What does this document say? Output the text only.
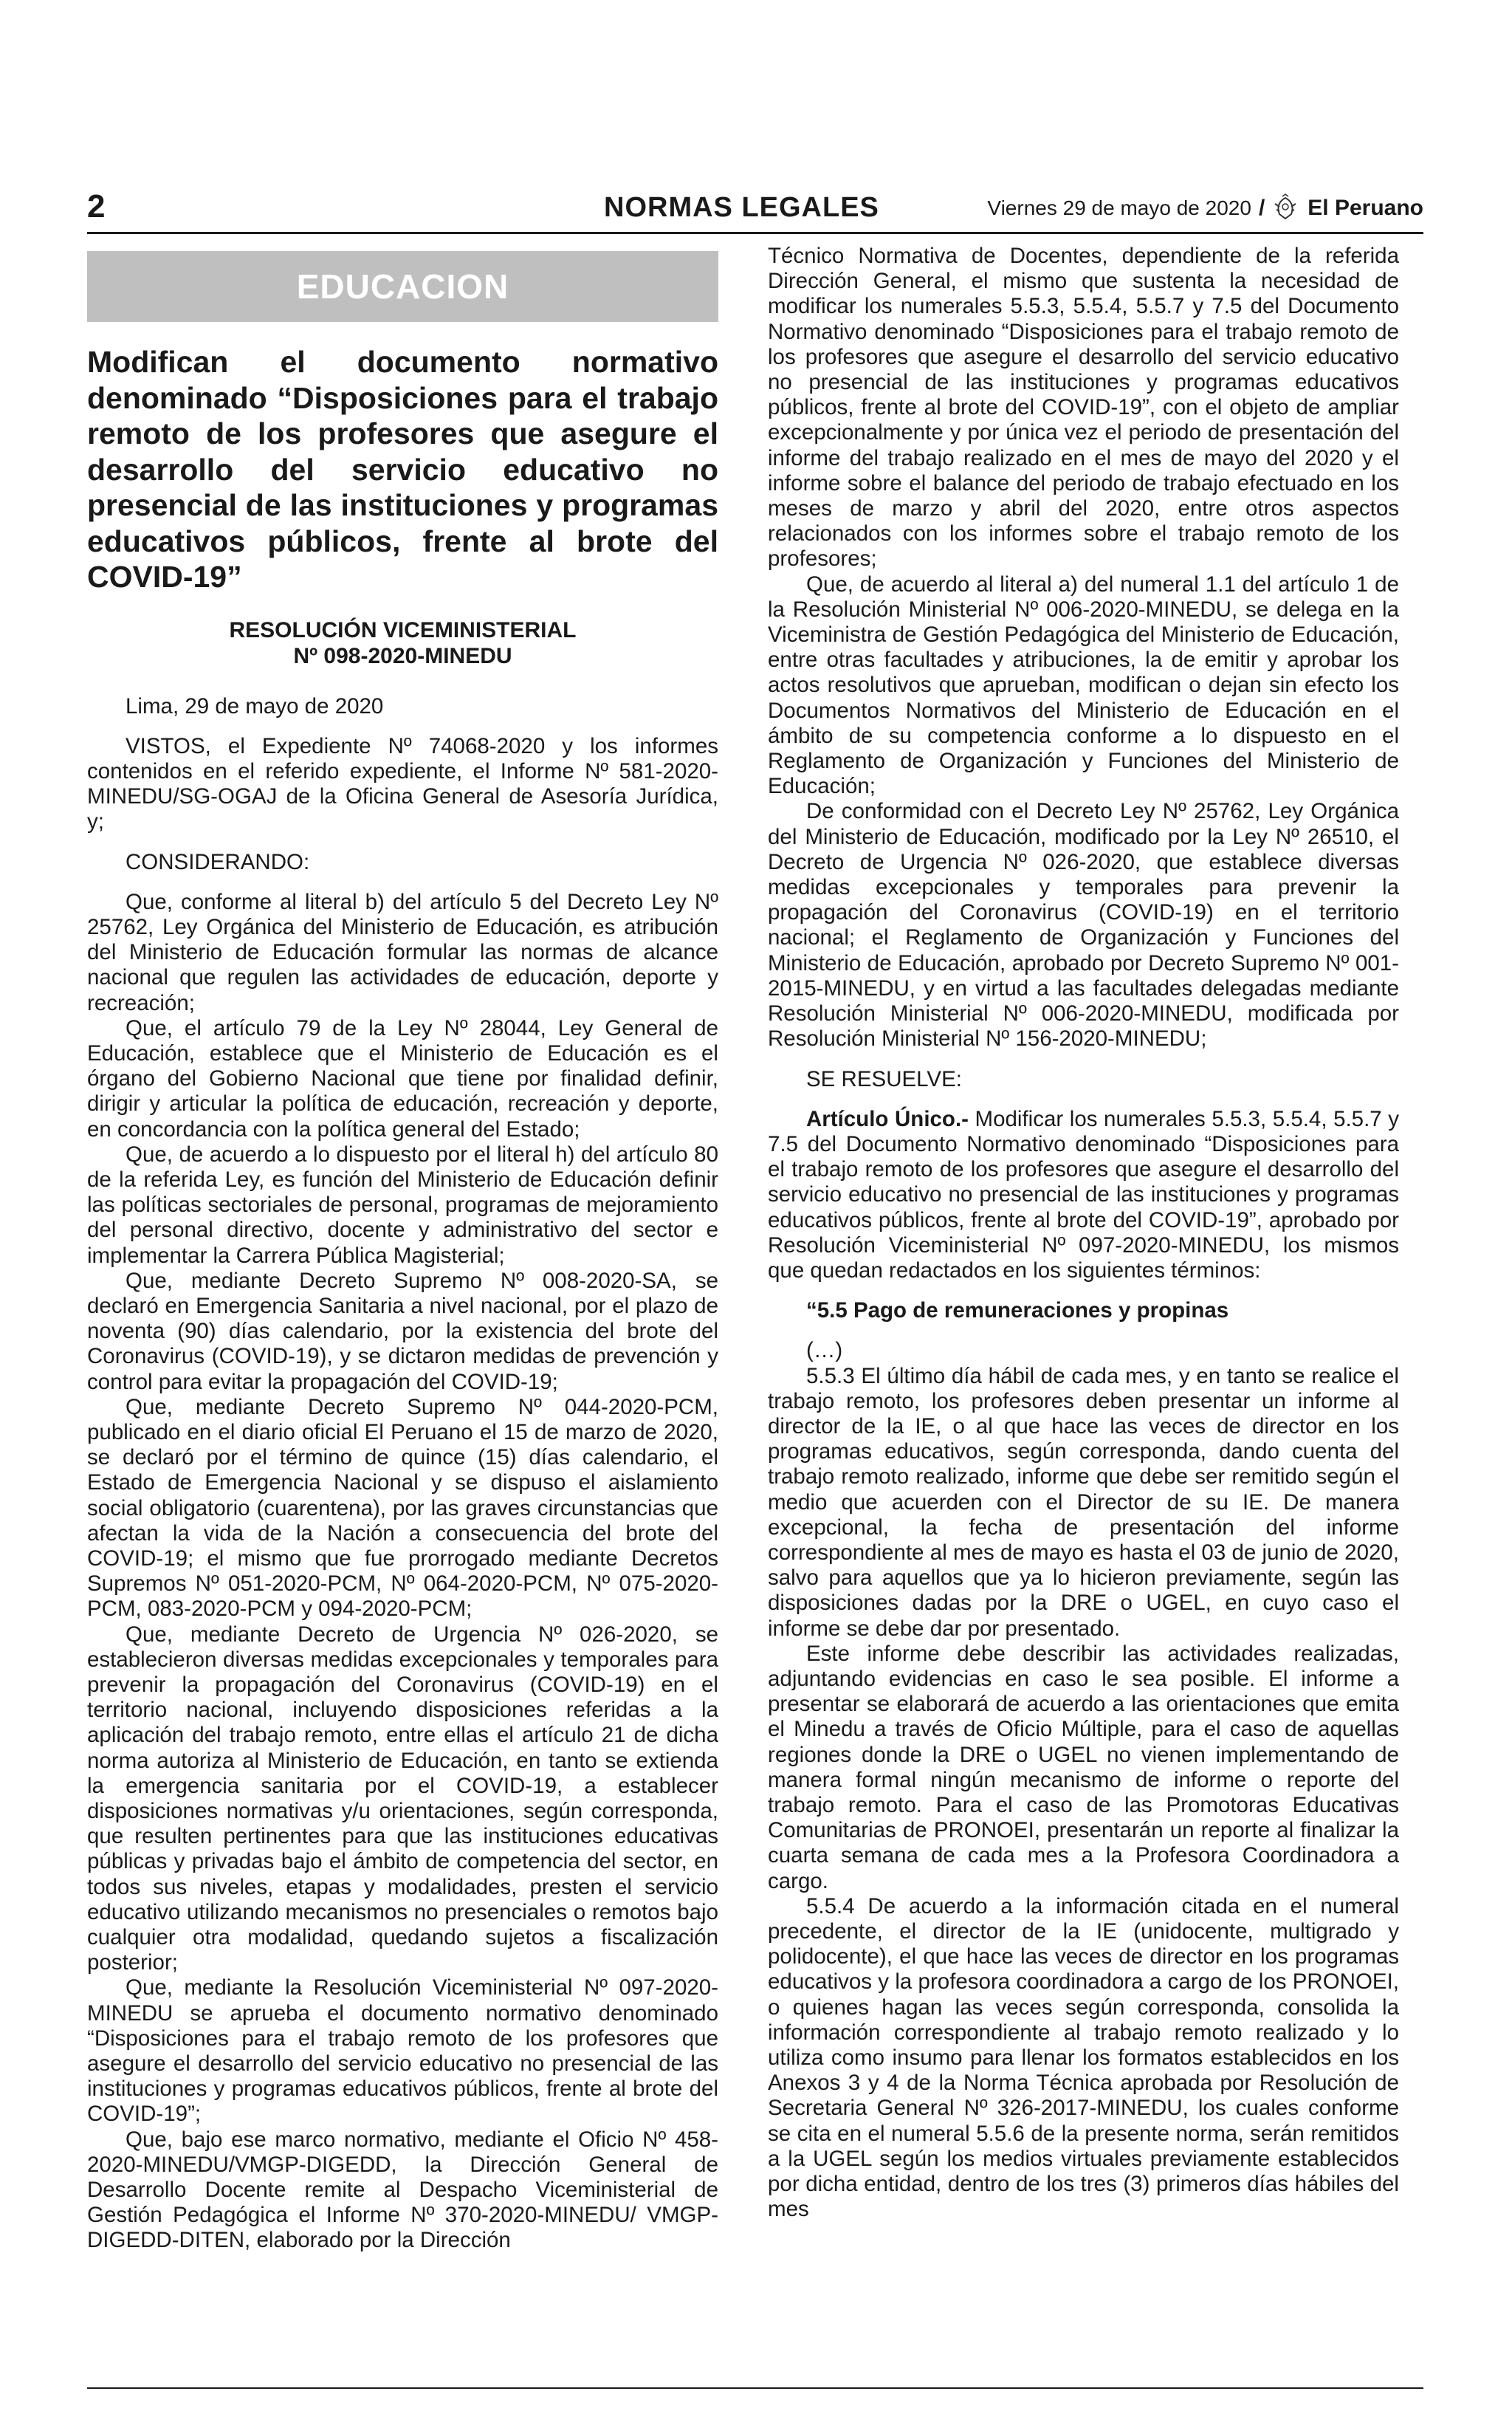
2	NORMAS LEGALES	Viernes 29 de mayo de 2020 / El Peruano
EDUCACION

Modifican el documento normativo denominado “Disposiciones para el trabajo remoto de los profesores que asegure el desarrollo del servicio educativo no presencial de las instituciones y programas educativos públicos, frente al brote del COVID-19”

RESOLUCIÓN VICEMINISTERIAL

Nº 098-2020-MINEDU

Lima, 29 de mayo de 2020

VISTOS, el Expediente Nº 74068-2020 y los informes contenidos en el referido expediente, el Informe Nº 581-2020-MINEDU/SG-OGAJ de la Oficina General de Asesoría Jurídica, y;

CONSIDERANDO:

Que, conforme al literal b) del artículo 5 del Decreto Ley Nº 25762, Ley Orgánica del Ministerio de Educación, es atribución del Ministerio de Educación formular las normas de alcance nacional que regulen las actividades de educación, deporte y recreación;

Que, el artículo 79 de la Ley Nº 28044, Ley General de Educación, establece que el Ministerio de Educación es el órgano del Gobierno Nacional que tiene por finalidad definir, dirigir y articular la política de educación, recreación y deporte, en concordancia con la política general del Estado;

Que, de acuerdo a lo dispuesto por el literal h) del artículo 80 de la referida Ley, es función del Ministerio de Educación definir las políticas sectoriales de personal, programas de mejoramiento del personal directivo, docente y administrativo del sector e implementar la Carrera Pública Magisterial;

Que, mediante Decreto Supremo Nº 008-2020-SA, se declaró en Emergencia Sanitaria a nivel nacional, por el plazo de noventa (90) días calendario, por la existencia del brote del Coronavirus (COVID-19), y se dictaron medidas de prevención y control para evitar la propagación del COVID-19;

Que, mediante Decreto Supremo Nº 044-2020-PCM, publicado en el diario oficial El Peruano el 15 de marzo de 2020, se declaró por el término de quince (15) días calendario, el Estado de Emergencia Nacional y se dispuso el aislamiento social obligatorio (cuarentena), por las graves circunstancias que afectan la vida de la Nación a consecuencia del brote del COVID-19; el mismo que fue prorrogado mediante Decretos Supremos Nº 051-2020-PCM, Nº 064-2020-PCM, Nº 075-2020-PCM, 083-2020-PCM y 094-2020-PCM;

Que, mediante Decreto de Urgencia Nº 026-2020, se establecieron diversas medidas excepcionales y temporales para prevenir la propagación del Coronavirus (COVID-19) en el territorio nacional, incluyendo disposiciones referidas a la aplicación del trabajo remoto, entre ellas el artículo 21 de dicha norma autoriza al Ministerio de Educación, en tanto se extienda la emergencia sanitaria por el COVID-19, a establecer disposiciones normativas y/u orientaciones, según corresponda, que resulten pertinentes para que las instituciones educativas públicas y privadas bajo el ámbito de competencia del sector, en todos sus niveles, etapas y modalidades, presten el servicio educativo utilizando mecanismos no presenciales o remotos bajo cualquier otra modalidad, quedando sujetos a fiscalización posterior;

Que, mediante la Resolución Viceministerial Nº 097-2020-MINEDU se aprueba el documento normativo denominado “Disposiciones para el trabajo remoto de los profesores que asegure el desarrollo del servicio educativo no presencial de las instituciones y programas educativos públicos, frente al brote del COVID-19”;

Que, bajo ese marco normativo, mediante el Oficio Nº 458-2020-MINEDU/VMGP-DIGEDD, la Dirección General de Desarrollo Docente remite al Despacho Viceministerial de Gestión Pedagógica el Informe Nº 370-2020-MINEDU/ VMGP-DIGEDD-DITEN, elaborado por la Dirección

Técnico Normativa de Docentes, dependiente de la referida Dirección General, el mismo que sustenta la necesidad de modificar los numerales 5.5.3, 5.5.4, 5.5.7 y 7.5 del Documento Normativo denominado “Disposiciones para el trabajo remoto de los profesores que asegure el desarrollo del servicio educativo no presencial de las instituciones y programas educativos públicos, frente al brote del COVID-19”, con el objeto de ampliar excepcionalmente y por única vez el periodo de presentación del informe del trabajo realizado en el mes de mayo del 2020 y el informe sobre el balance del periodo de trabajo efectuado en los meses de marzo y abril del 2020, entre otros aspectos relacionados con los informes sobre el trabajo remoto de los profesores;

Que, de acuerdo al literal a) del numeral 1.1 del artículo 1 de la Resolución Ministerial Nº 006-2020-MINEDU, se delega en la Viceministra de Gestión Pedagógica del Ministerio de Educación, entre otras facultades y atribuciones, la de emitir y aprobar los actos resolutivos que aprueban, modifican o dejan sin efecto los Documentos Normativos del Ministerio de Educación en el ámbito de su competencia conforme a lo dispuesto en el Reglamento de Organización y Funciones del Ministerio de Educación;

De conformidad con el Decreto Ley Nº 25762, Ley Orgánica del Ministerio de Educación, modificado por la Ley Nº 26510, el Decreto de Urgencia Nº 026-2020, que establece diversas medidas excepcionales y temporales para prevenir la propagación del Coronavirus (COVID-19) en el territorio nacional; el Reglamento de Organización y Funciones del Ministerio de Educación, aprobado por Decreto Supremo Nº 001-2015-MINEDU, y en virtud a las facultades delegadas mediante Resolución Ministerial Nº 006-2020-MINEDU, modificada por Resolución Ministerial Nº 156-2020-MINEDU;

SE RESUELVE:

Artículo Único.- Modificar los numerales 5.5.3, 5.5.4, 5.5.7 y 7.5 del Documento Normativo denominado “Disposiciones para el trabajo remoto de los profesores que asegure el desarrollo del servicio educativo no presencial de las instituciones y programas educativos públicos, frente al brote del COVID-19”, aprobado por Resolución Viceministerial Nº 097-2020-MINEDU, los mismos que quedan redactados en los siguientes términos:

“5.5 Pago de remuneraciones y propinas

(…)

5.5.3 El último día hábil de cada mes, y en tanto se realice el trabajo remoto, los profesores deben presentar un informe al director de la IE, o al que hace las veces de director en los programas educativos, según corresponda, dando cuenta del trabajo remoto realizado, informe que debe ser remitido según el medio que acuerden con el Director de su IE. De manera excepcional, la fecha de presentación del informe correspondiente al mes de mayo es hasta el 03 de junio de 2020, salvo para aquellos que ya lo hicieron previamente, según las disposiciones dadas por la DRE o UGEL, en cuyo caso el informe se debe dar por presentado.

Este informe debe describir las actividades realizadas, adjuntando evidencias en caso le sea posible. El informe a presentar se elaborará de acuerdo a las orientaciones que emita el Minedu a través de Oficio Múltiple, para el caso de aquellas regiones donde la DRE o UGEL no vienen implementando de manera formal ningún mecanismo de informe o reporte del trabajo remoto. Para el caso de las Promotoras Educativas Comunitarias de PRONOEI, presentarán un reporte al finalizar la cuarta semana de cada mes a la Profesora Coordinadora a cargo.

5.5.4 De acuerdo a la información citada en el numeral precedente, el director de la IE (unidocente, multigrado y polidocente), el que hace las veces de director en los programas educativos y la profesora coordinadora a cargo de los PRONOEI, o quienes hagan las veces según corresponda, consolida la información correspondiente al trabajo remoto realizado y lo utiliza como insumo para llenar los formatos establecidos en los Anexos 3 y 4 de la Norma Técnica aprobada por Resolución de Secretaria General Nº 326-2017-MINEDU, los cuales conforme se cita en el numeral 5.5.6 de la presente norma, serán remitidos a la UGEL según los medios virtuales previamente establecidos por dicha entidad, dentro de los tres (3) primeros días hábiles del mes
